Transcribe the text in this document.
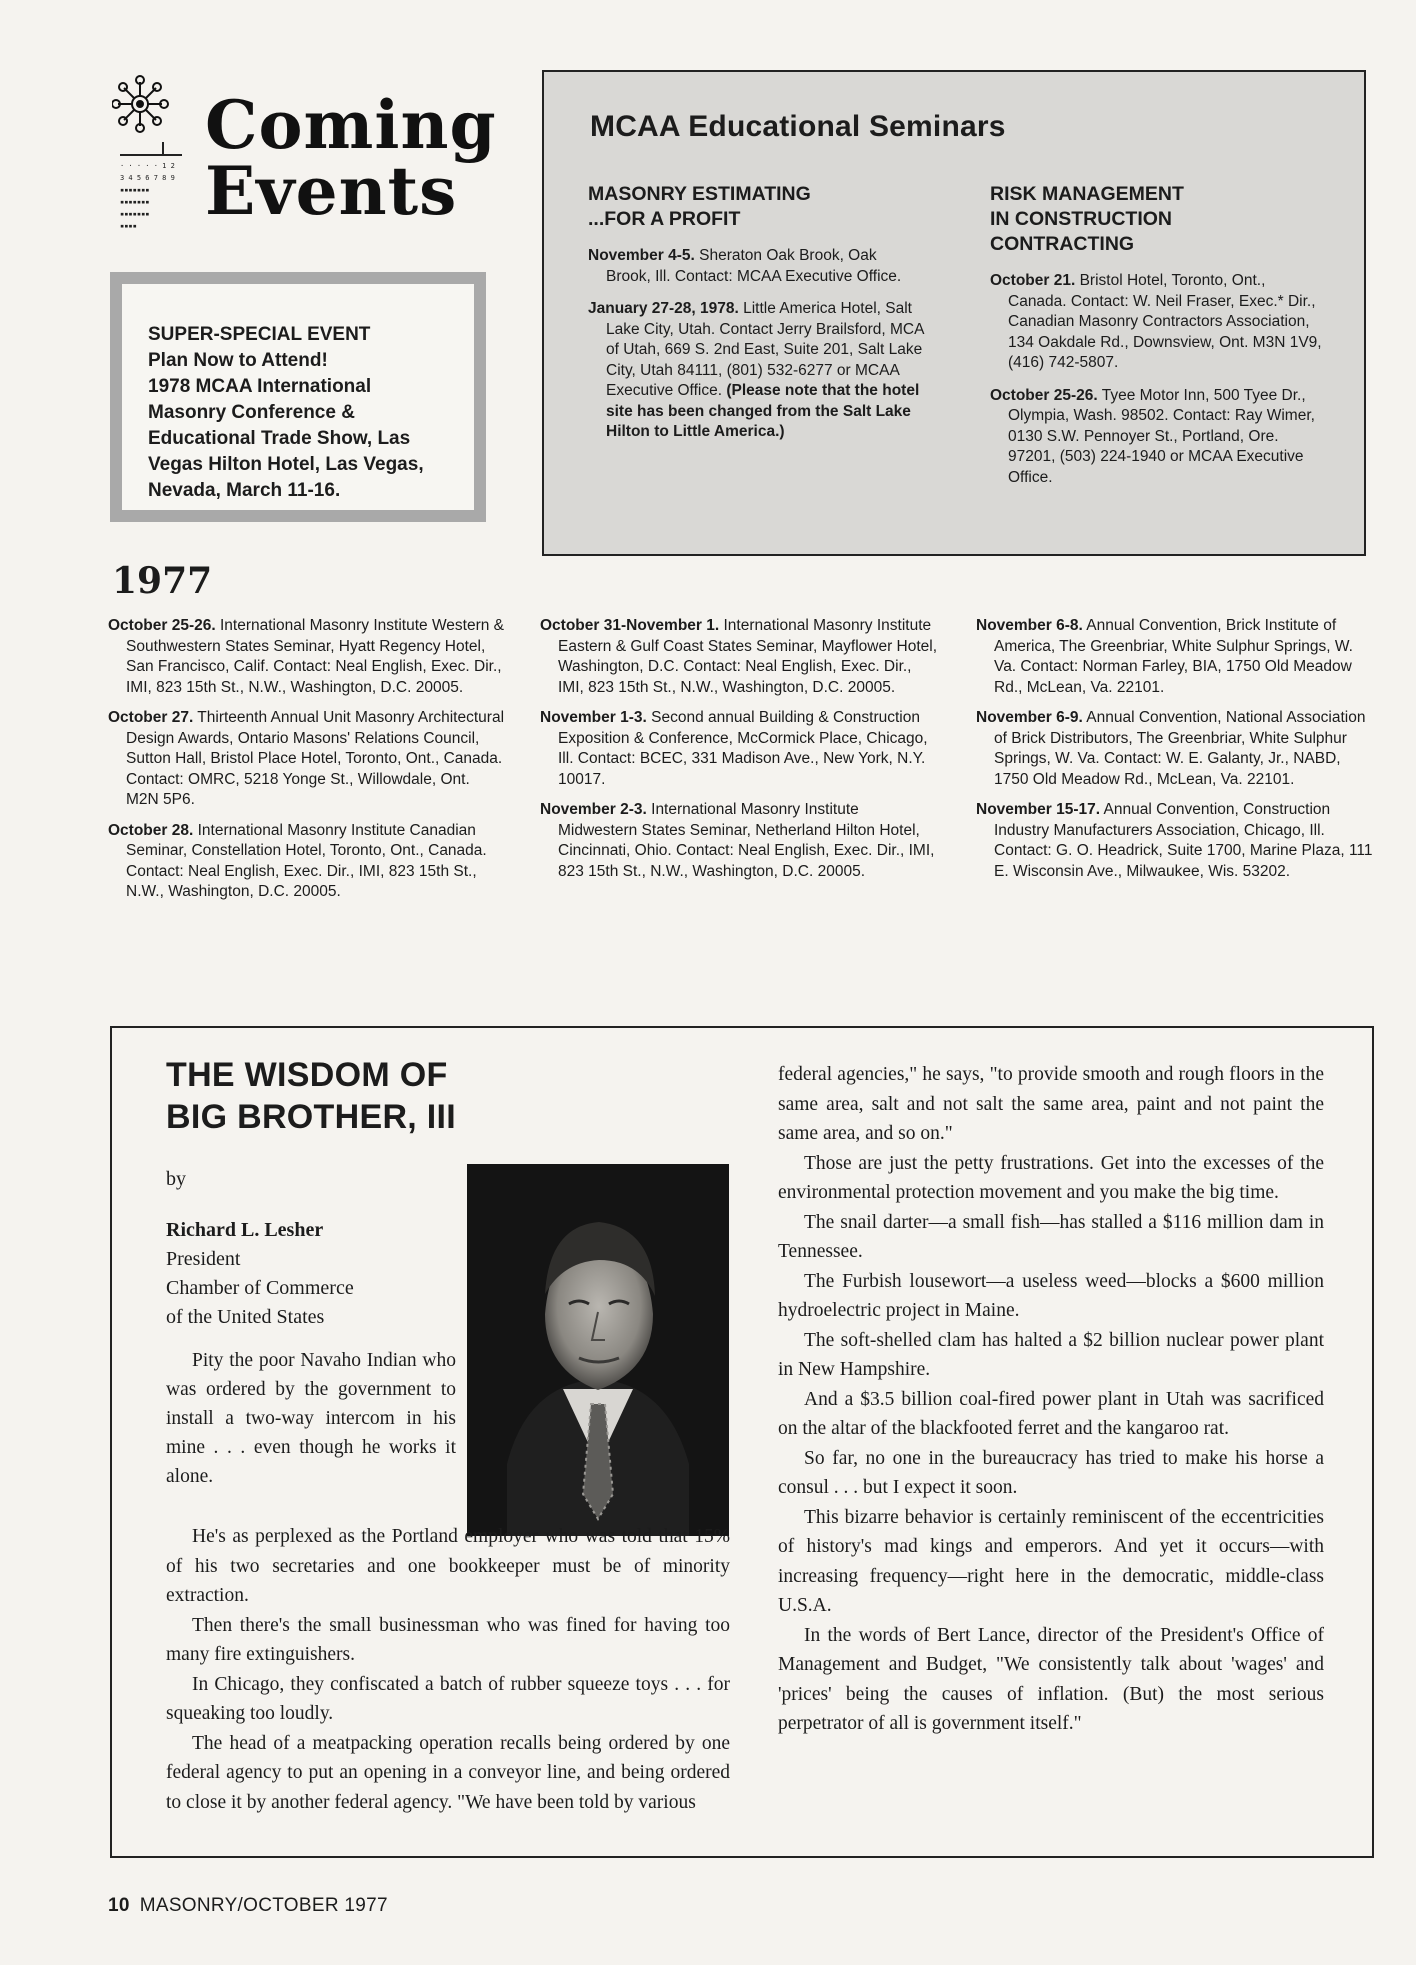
· · · · · 1 2
3 4 5 6 7 8 9
▪▪▪▪▪▪▪
▪▪▪▪▪▪▪
▪▪▪▪▪▪▪
▪▪▪▪
Coming
Events

SUPER-SPECIAL EVENT

Plan Now to Attend!

1978 MCAA International Masonry Conference & Educational Trade Show, Las Vegas Hilton Hotel, Las Vegas, Nevada, March 11-16.

MCAA Educational Seminars
MASONRY ESTIMATING
...FOR A PROFIT

November 4-5. Sheraton Oak Brook, Oak Brook, Ill. Contact: MCAA Executive Office.

January 27-28, 1978. Little America Hotel, Salt Lake City, Utah. Contact Jerry Brailsford, MCA of Utah, 669 S. 2nd East, Suite 201, Salt Lake City, Utah 84111, (801) 532-6277 or MCAA Executive Office. (Please note that the hotel site has been changed from the Salt Lake Hilton to Little America.)

RISK MANAGEMENT
IN CONSTRUCTION
CONTRACTING

October 21. Bristol Hotel, Toronto, Ont., Canada. Contact: W. Neil Fraser, Exec.* Dir., Canadian Masonry Contractors Association, 134 Oakdale Rd., Downsview, Ont. M3N 1V9, (416) 742-5807.

October 25-26. Tyee Motor Inn, 500 Tyee Dr., Olympia, Wash. 98502. Contact: Ray Wimer, 0130 S.W. Pennoyer St., Portland, Ore. 97201, (503) 224-1940 or MCAA Executive Office.

1977

October 25-26. International Masonry Institute Western & Southwestern States Seminar, Hyatt Regency Hotel, San Francisco, Calif. Contact: Neal English, Exec. Dir., IMI, 823 15th St., N.W., Washington, D.C. 20005.

October 27. Thirteenth Annual Unit Masonry Architectural Design Awards, Ontario Masons' Relations Council, Sutton Hall, Bristol Place Hotel, Toronto, Ont., Canada. Contact: OMRC, 5218 Yonge St., Willowdale, Ont. M2N 5P6.

October 28. International Masonry Institute Canadian Seminar, Constellation Hotel, Toronto, Ont., Canada. Contact: Neal English, Exec. Dir., IMI, 823 15th St., N.W., Washington, D.C. 20005.

October 31-November 1. International Masonry Institute Eastern & Gulf Coast States Seminar, Mayflower Hotel, Washington, D.C. Contact: Neal English, Exec. Dir., IMI, 823 15th St., N.W., Washington, D.C. 20005.

November 1-3. Second annual Building & Construction Exposition & Conference, McCormick Place, Chicago, Ill. Contact: BCEC, 331 Madison Ave., New York, N.Y. 10017.

November 2-3. International Masonry Institute Midwestern States Seminar, Netherland Hilton Hotel, Cincinnati, Ohio. Contact: Neal English, Exec. Dir., IMI, 823 15th St., N.W., Washington, D.C. 20005.

November 6-8. Annual Convention, Brick Institute of America, The Greenbriar, White Sulphur Springs, W. Va. Contact: Norman Farley, BIA, 1750 Old Meadow Rd., McLean, Va. 22101.

November 6-9. Annual Convention, National Association of Brick Distributors, The Greenbriar, White Sulphur Springs, W. Va. Contact: W. E. Galanty, Jr., NABD, 1750 Old Meadow Rd., McLean, Va. 22101.

November 15-17. Annual Convention, Construction Industry Manufacturers Association, Chicago, Ill. Contact: G. O. Headrick, Suite 1700, Marine Plaza, 111 E. Wisconsin Ave., Milwaukee, Wis. 53202.

THE WISDOM OF
BIG BROTHER, III
by
Richard L. Lesher
President
Chamber of Commerce
of the United States

Pity the poor Navaho Indian who was ordered by the government to install a two-way intercom in his mine . . . even though he works it alone.

He's as perplexed as the Portland employer who was told that 15% of his two secretaries and one bookkeeper must be of minority extraction.

Then there's the small businessman who was fined for having too many fire extinguishers.

In Chicago, they confiscated a batch of rubber squeeze toys . . . for squeaking too loudly.

The head of a meatpacking operation recalls being ordered by one federal agency to put an opening in a conveyor line, and being ordered to close it by another federal agency. "We have been told by various

federal agencies," he says, "to provide smooth and rough floors in the same area, salt and not salt the same area, paint and not paint the same area, and so on."

Those are just the petty frustrations. Get into the excesses of the environmental protection movement and you make the big time.

The snail darter—a small fish—has stalled a $116 million dam in Tennessee.

The Furbish lousewort—a useless weed—blocks a $600 million hydroelectric project in Maine.

The soft-shelled clam has halted a $2 billion nuclear power plant in New Hampshire.

And a $3.5 billion coal-fired power plant in Utah was sacrificed on the altar of the blackfooted ferret and the kangaroo rat.

So far, no one in the bureaucracy has tried to make his horse a consul . . . but I expect it soon.

This bizarre behavior is certainly reminiscent of the eccentricities of history's mad kings and emperors. And yet it occurs—with increasing frequency—right here in the democratic, middle-class U.S.A.

In the words of Bert Lance, director of the President's Office of Management and Budget, "We consistently talk about 'wages' and 'prices' being the causes of inflation. (But) the most serious perpetrator of all is government itself."

10 MASONRY/OCTOBER 1977
